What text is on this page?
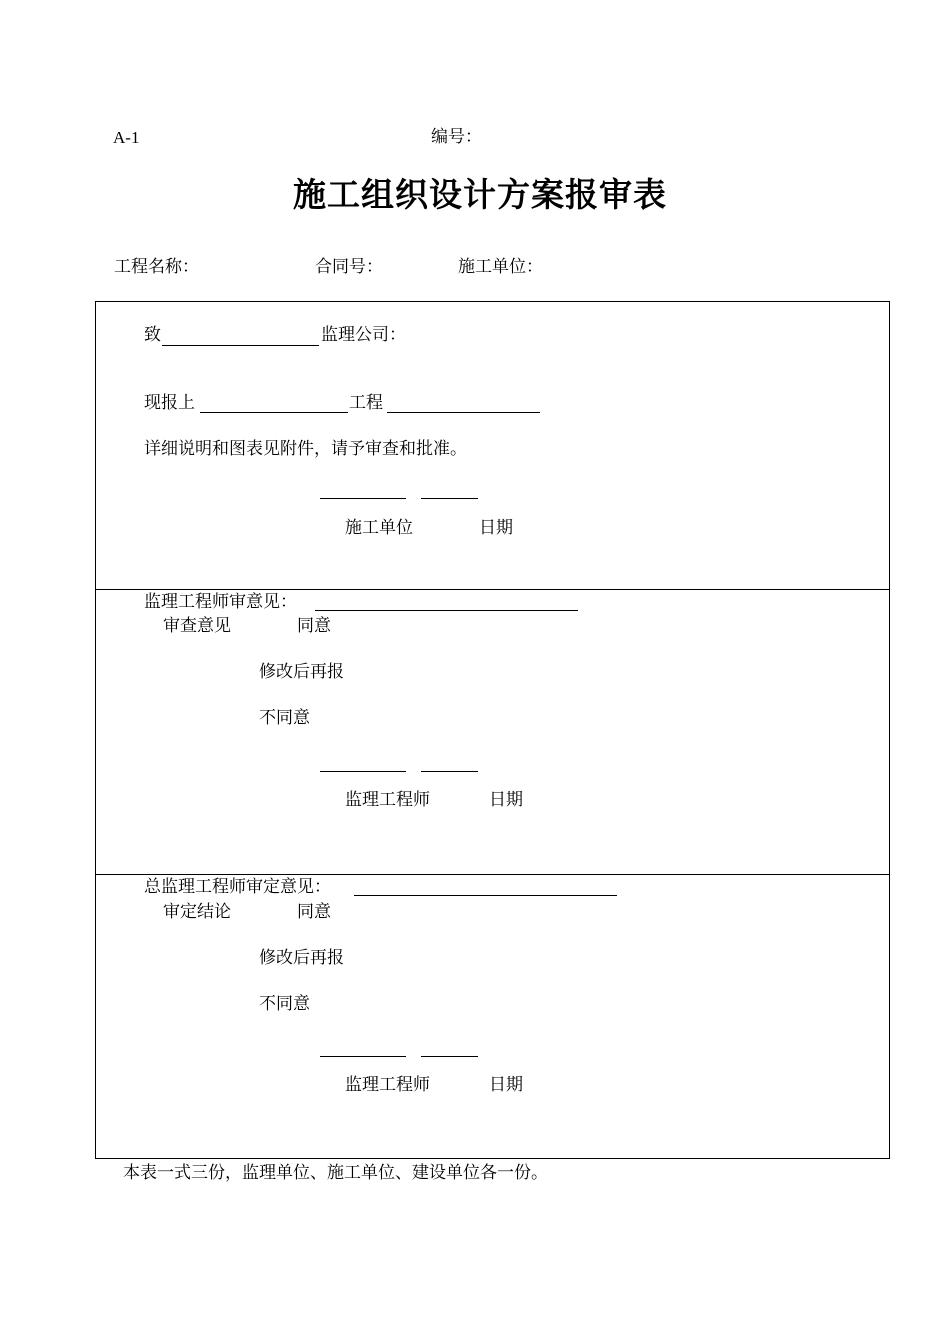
A-1	编号：
施工组织设计方案报审表
工程名称：	合同号：	施工单位：
致	监理公司：
现报上	工程
详细说明和图表见附件，请予审查和批准。
施工单位	日期
监理工程师审意见：
审查意见	同意
修改后再报
不同意
监理工程师	日期
总监理工程师审定意见：
审定结论	同意
修改后再报
不同意
监理工程师	日期
本表一式三份，监理单位、施工单位、建设单位各一份。
